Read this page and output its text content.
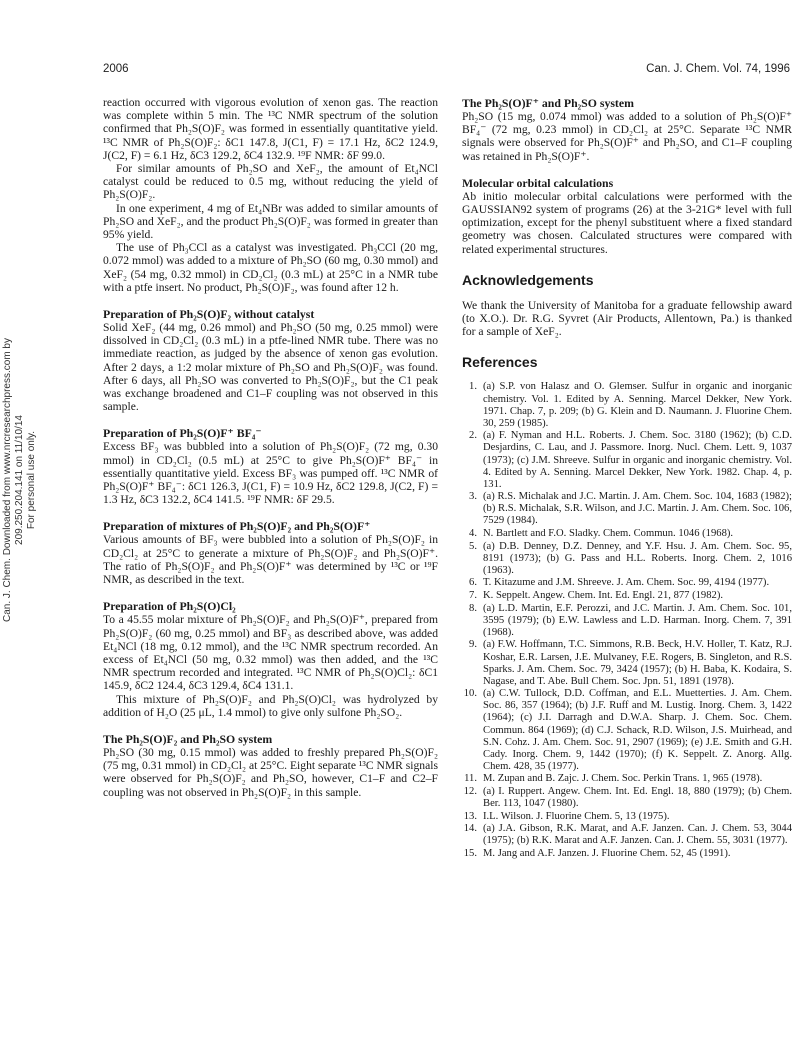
Can. J. Chem. Downloaded from www.nrcresearchpress.com by 209.250.204.141 on 11/10/14 For personal use only.
2006	Can. J. Chem. Vol. 74, 1996

reaction occurred with vigorous evolution of xenon gas. The reaction was complete within 5 min. The ¹³C NMR spectrum of the solution confirmed that Ph₂S(O)F₂ was formed in essentially quantitative yield. ¹³C NMR of Ph₂S(O)F₂: δC1 147.8, J(C1, F) = 17.1 Hz, δC2 124.9, J(C2, F) = 6.1 Hz, δC3 129.2, δC4 132.9. ¹⁹F NMR: δF 99.0.

For similar amounts of Ph₂SO and XeF₂, the amount of Et₄NCl catalyst could be reduced to 0.5 mg, without reducing the yield of Ph₂S(O)F₂.

In one experiment, 4 mg of Et₄NBr was added to similar amounts of Ph₂SO and XeF₂, and the product Ph₂S(O)F₂ was formed in greater than 95% yield.

The use of Ph₃CCl as a catalyst was investigated. Ph₃CCl (20 mg, 0.072 mmol) was added to a mixture of Ph₂SO (60 mg, 0.30 mmol) and XeF₂ (54 mg, 0.32 mmol) in CD₂Cl₂ (0.3 mL) at 25°C in a NMR tube with a ptfe insert. No product, Ph₂S(O)F₂, was found after 12 h.

Preparation of Ph₂S(O)F₂ without catalyst

Solid XeF₂ (44 mg, 0.26 mmol) and Ph₂SO (50 mg, 0.25 mmol) were dissolved in CD₂Cl₂ (0.3 mL) in a ptfe-lined NMR tube. There was no immediate reaction, as judged by the absence of xenon gas evolution. After 2 days, a 1:2 molar mixture of Ph₂SO and Ph₂S(O)F₂ was found. After 6 days, all Ph₂SO was converted to Ph₂S(O)F₂, but the C1 peak was exchange broadened and C1–F coupling was not observed in this sample.

Preparation of Ph₂S(O)F⁺ BF₄⁻

Excess BF₃ was bubbled into a solution of Ph₂S(O)F₂ (72 mg, 0.30 mmol) in CD₂Cl₂ (0.5 mL) at 25°C to give Ph₂S(O)F⁺ BF₄⁻ in essentially quantitative yield. Excess BF₃ was pumped off. ¹³C NMR of Ph₂S(O)F⁺ BF₄⁻: δC1 126.3, J(C1, F) = 10.9 Hz, δC2 129.8, J(C2, F) = 1.3 Hz, δC3 132.2, δC4 141.5. ¹⁹F NMR: δF 29.5.

Preparation of mixtures of Ph₂S(O)F₂ and Ph₂S(O)F⁺

Various amounts of BF₃ were bubbled into a solution of Ph₂S(O)F₂ in CD₂Cl₂ at 25°C to generate a mixture of Ph₂S(O)F₂ and Ph₂S(O)F⁺. The ratio of Ph₂S(O)F₂ and Ph₂S(O)F⁺ was determined by ¹³C or ¹⁹F NMR, as described in the text.

Preparation of Ph₂S(O)Cl₂

To a 45.55 molar mixture of Ph₂S(O)F₂ and Ph₂S(O)F⁺, prepared from Ph₂S(O)F₂ (60 mg, 0.25 mmol) and BF₃ as described above, was added Et₄NCl (18 mg, 0.12 mmol), and the ¹³C NMR spectrum recorded. An excess of Et₄NCl (50 mg, 0.32 mmol) was then added, and the ¹³C NMR spectrum recorded and integrated. ¹³C NMR of Ph₂S(O)Cl₂: δC1 145.9, δC2 124.4, δC3 129.4, δC4 131.1.

This mixture of Ph₂S(O)F₂ and Ph₂S(O)Cl₂ was hydrolyzed by addition of H₂O (25 μL, 1.4 mmol) to give only sulfone Ph₂SO₂.

The Ph₂S(O)F₂ and Ph₂SO system

Ph₂SO (30 mg, 0.15 mmol) was added to freshly prepared Ph₂S(O)F₂ (75 mg, 0.31 mmol) in CD₂Cl₂ at 25°C. Eight separate ¹³C NMR signals were observed for Ph₂S(O)F₂ and Ph₂SO, however, C1–F and C2–F coupling was not observed in Ph₂S(O)F₂ in this sample.

The Ph₂S(O)F⁺ and Ph₂SO system

Ph₂SO (15 mg, 0.074 mmol) was added to a solution of Ph₂S(O)F⁺ BF₄⁻ (72 mg, 0.23 mmol) in CD₂Cl₂ at 25°C. Separate ¹³C NMR signals were observed for Ph₂S(O)F⁺ and Ph₂SO, and C1–F coupling was retained in Ph₂S(O)F⁺.

Molecular orbital calculations

Ab initio molecular orbital calculations were performed with the GAUSSIAN92 system of programs (26) at the 3-21G* level with full optimization, except for the phenyl substituent where a fixed standard geometry was chosen. Calculated structures were compared with related experimental structures.

Acknowledgements

We thank the University of Manitoba for a graduate fellowship award (to X.O.). Dr. R.G. Syvret (Air Products, Allentown, Pa.) is thanked for a sample of XeF₂.

References
1. (a) S.P. von Halasz and O. Glemser. Sulfur in organic and inorganic chemistry. Vol. 1. Edited by A. Senning. Marcel Dekker, New York. 1971. Chap. 7, p. 209; (b) G. Klein and D. Naumann. J. Fluorine Chem. 30, 259 (1985).
2. (a) F. Nyman and H.L. Roberts. J. Chem. Soc. 3180 (1962); (b) C.D. Desjardins, C. Lau, and J. Passmore. Inorg. Nucl. Chem. Lett. 9, 1037 (1973); (c) J.M. Shreeve. Sulfur in organic and inorganic chemistry. Vol. 4. Edited by A. Senning. Marcel Dekker, New York. 1982. Chap. 4, p. 131.
3. (a) R.S. Michalak and J.C. Martin. J. Am. Chem. Soc. 104, 1683 (1982); (b) R.S. Michalak, S.R. Wilson, and J.C. Martin. J. Am. Chem. Soc. 106, 7529 (1984).
4. N. Bartlett and F.O. Sladky. Chem. Commun. 1046 (1968).
5. (a) D.B. Denney, D.Z. Denney, and Y.F. Hsu. J. Am. Chem. Soc. 95, 8191 (1973); (b) G. Pass and H.L. Roberts. Inorg. Chem. 2, 1016 (1963).
6. T. Kitazume and J.M. Shreeve. J. Am. Chem. Soc. 99, 4194 (1977).
7. K. Seppelt. Angew. Chem. Int. Ed. Engl. 21, 877 (1982).
8. (a) L.D. Martin, E.F. Perozzi, and J.C. Martin. J. Am. Chem. Soc. 101, 3595 (1979); (b) E.W. Lawless and L.D. Harman. Inorg. Chem. 7, 391 (1968).
9. (a) F.W. Hoffmann, T.C. Simmons, R.B. Beck, H.V. Holler, T. Katz, R.J. Koshar, E.R. Larsen, J.E. Mulvaney, F.E. Rogers, B. Singleton, and R.S. Sparks. J. Am. Chem. Soc. 79, 3424 (1957); (b) H. Baba, K. Kodaira, S. Nagase, and T. Abe. Bull Chem. Soc. Jpn. 51, 1891 (1978).
10. (a) C.W. Tullock, D.D. Coffman, and E.L. Muetterties. J. Am. Chem. Soc. 86, 357 (1964); (b) J.F. Ruff and M. Lustig. Inorg. Chem. 3, 1422 (1964); (c) J.I. Darragh and D.W.A. Sharp. J. Chem. Soc. Chem. Commun. 864 (1969); (d) C.J. Schack, R.D. Wilson, J.S. Muirhead, and S.N. Cohz. J. Am. Chem. Soc. 91, 2907 (1969); (e) J.E. Smith and G.H. Cady. Inorg. Chem. 9, 1442 (1970); (f) K. Seppelt. Z. Anorg. Allg. Chem. 428, 35 (1977).
11. M. Zupan and B. Zajc. J. Chem. Soc. Perkin Trans. 1, 965 (1978).
12. (a) I. Ruppert. Angew. Chem. Int. Ed. Engl. 18, 880 (1979); (b) Chem. Ber. 113, 1047 (1980).
13. I.L. Wilson. J. Fluorine Chem. 5, 13 (1975).
14. (a) J.A. Gibson, R.K. Marat, and A.F. Janzen. Can. J. Chem. 53, 3044 (1975); (b) R.K. Marat and A.F. Janzen. Can. J. Chem. 55, 3031 (1977).
15. M. Jang and A.F. Janzen. J. Fluorine Chem. 52, 45 (1991).
